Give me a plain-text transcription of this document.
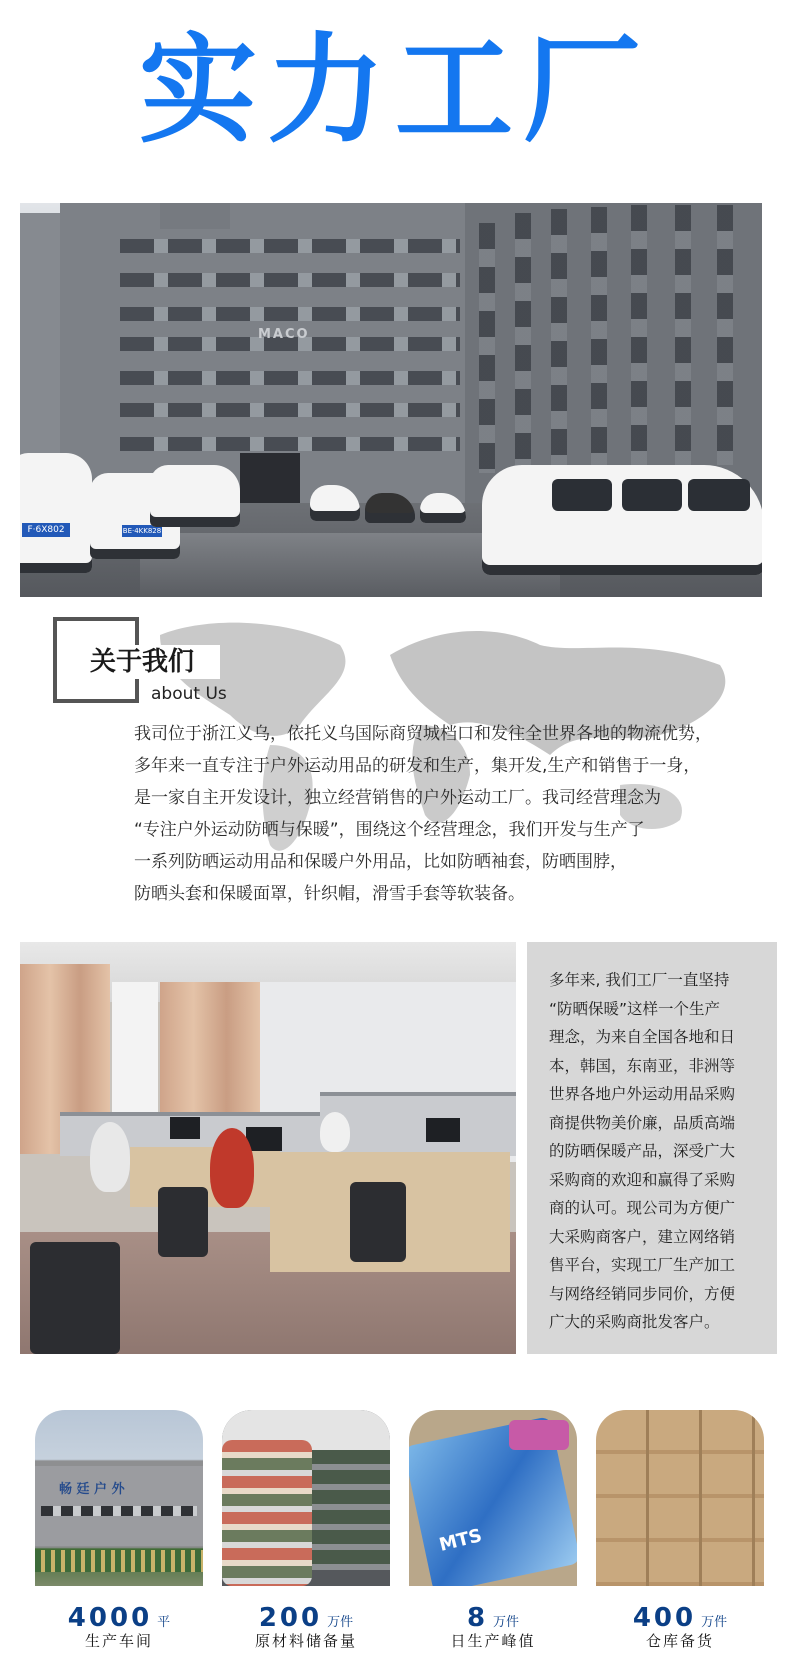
实力工厂
MACO
F·6X802	BE·4KK828
关于我们
about Us
我司位于浙江义乌，依托义乌国际商贸城档口和发往全世界各地的物流优势，
多年来一直专注于户外运动用品的研发和生产，集开发,生产和销售于一身，
是一家自主开发设计，独立经营销售的户外运动工厂。我司经营理念为
“专注户外运动防晒与保暖”，围绕这个经营理念，我们开发与生产了
一系列防晒运动用品和保暖户外用品，比如防晒袖套，防晒围脖，
防晒头套和保暖面罩，针织帽，滑雪手套等软装备。
多年来, 我们工厂一直坚持
“防晒保暖”这样一个生产
理念，为来自全国各地和日
本，韩国，东南亚，非洲等
世界各地户外运动用品采购
商提供物美价廉，品质高端
的防晒保暖产品，深受广大
采购商的欢迎和赢得了采购
商的认可。现公司为方便广
大采购商客户，建立网络销
售平台，实现工厂生产加工
与网络经销同步同价，方便
广大的采购商批发客户。
畅 廷 户 外
MTS
4000 平
生产车间
200 万件
原材料储备量
8 万件
日生产峰值
400 万件
仓库备货
